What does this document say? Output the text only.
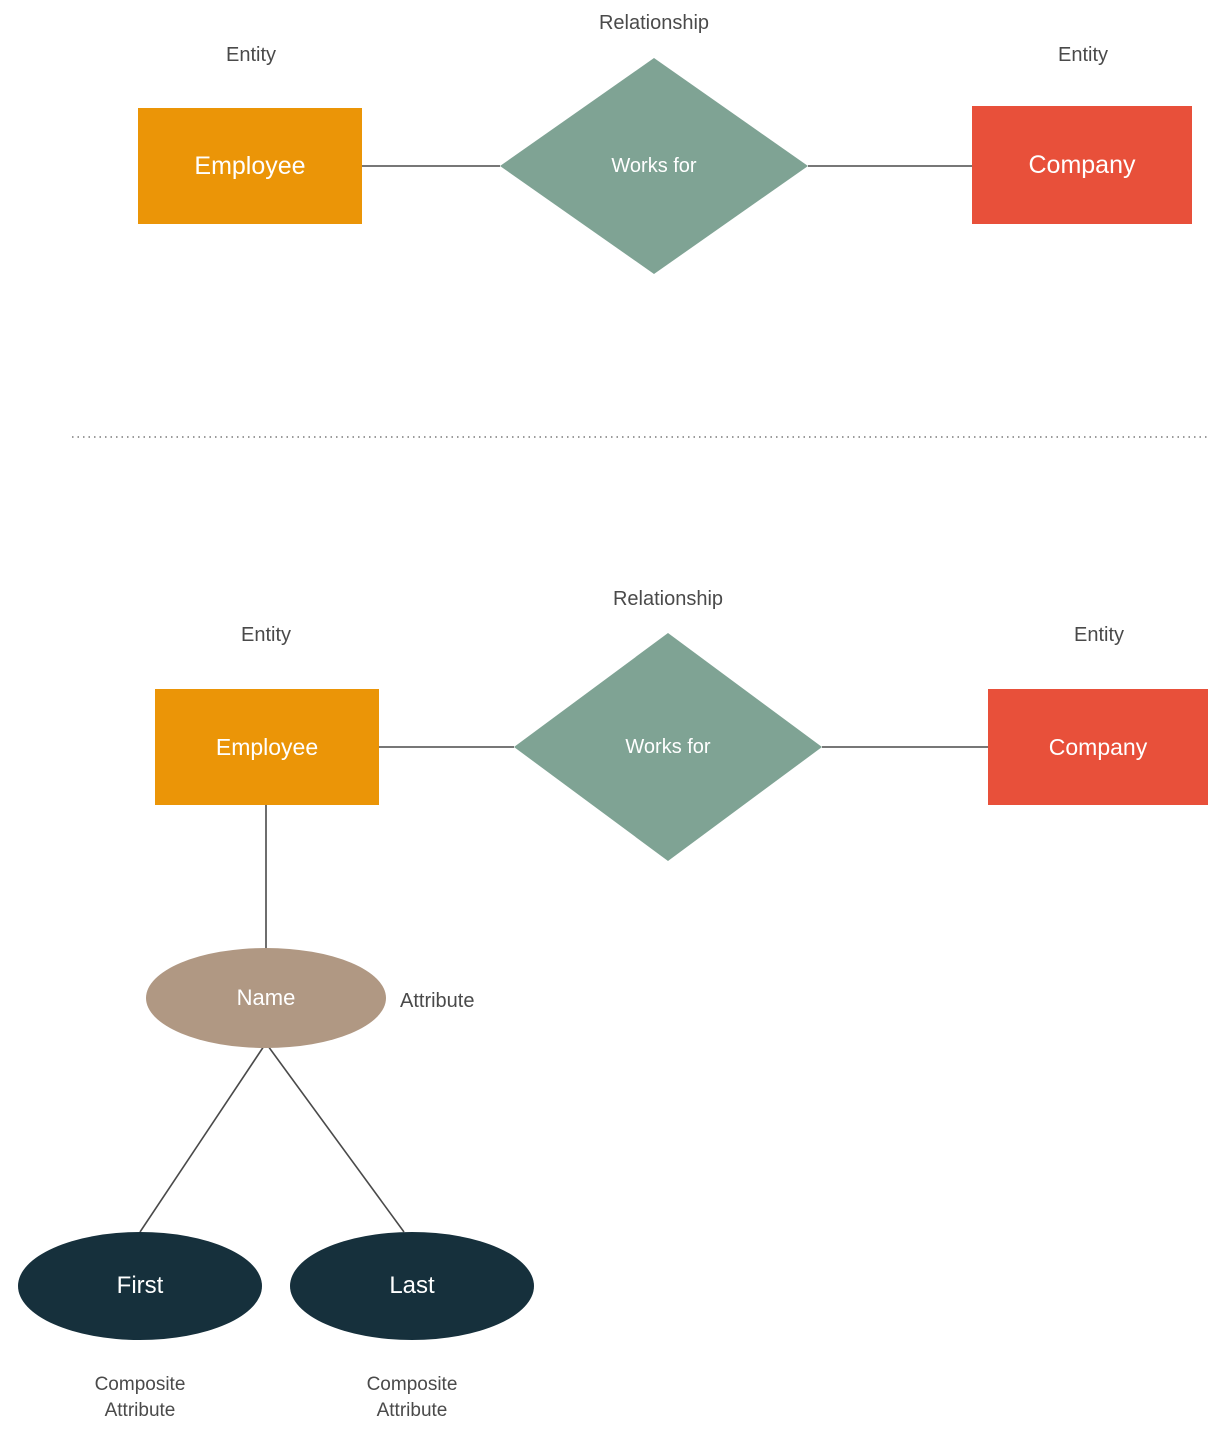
Entity
Relationship
Entity
Employee	Works for	Company
Entity
Relationship
Entity
Employee	Works for	Company
Name	Attribute
First	Last
Composite
Attribute
Composite
Attribute
